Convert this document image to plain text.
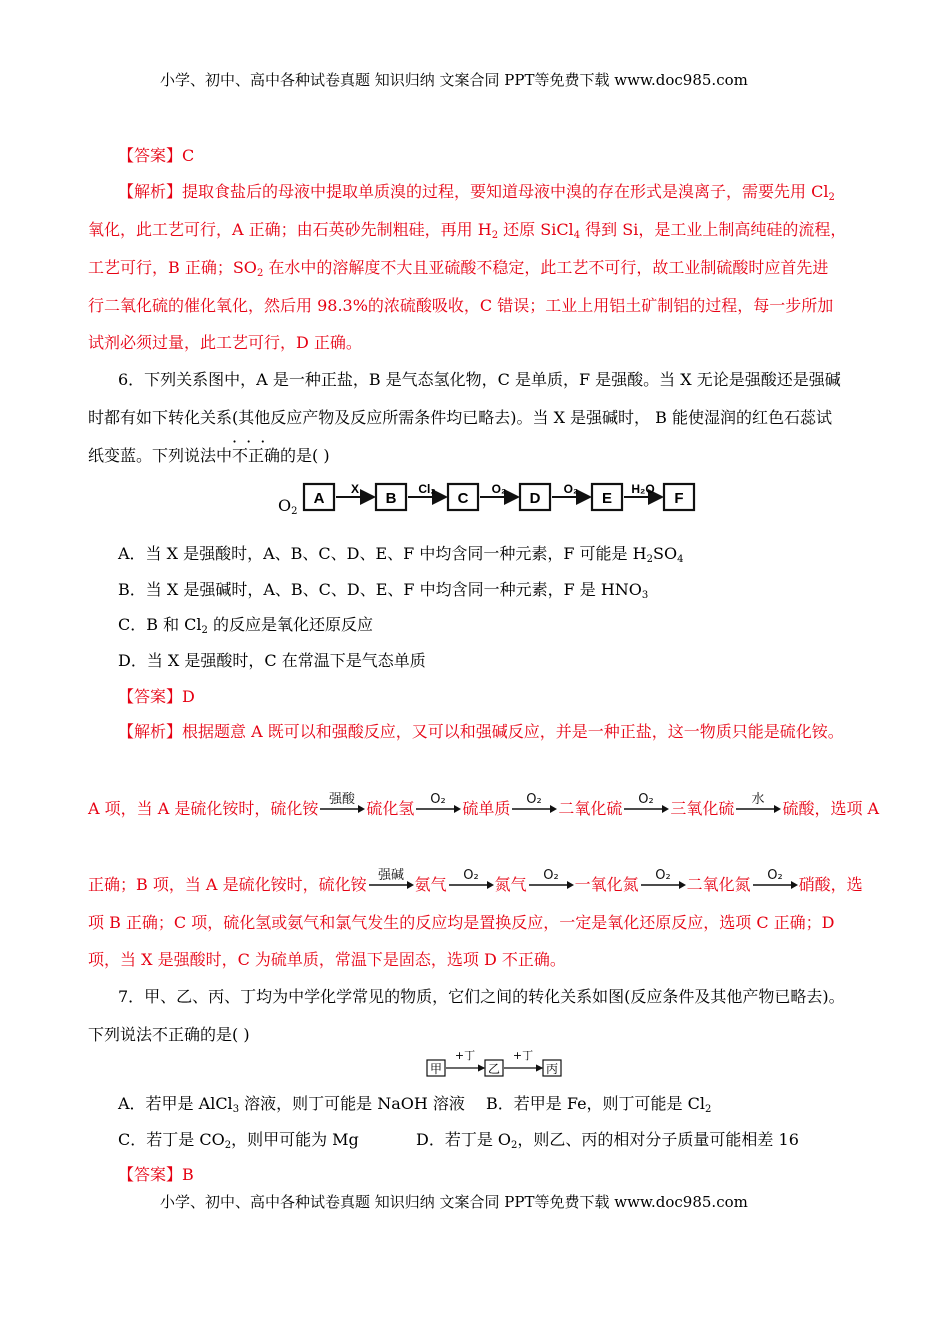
小学、初中、高中各种试卷真题 知识归纳 文案合同 PPT等免费下载 www.doc985.com
【答案】C
【解析】提取食盐后的母液中提取单质溴的过程，要知道母液中溴的存在形式是溴离子，需要先用 $Cl_2$
氧化，此工艺可行，A 正确；由石英砂先制粗硅，再用 $H_2$ 还原 SiCl$_4$ 得到 Si，是工业上制高纯硅的流程，
工艺可行，B 正确；$SO_2$ 在水中的溶解度不大且亚硫酸不稳定，此工艺不可行，故工业制硫酸时应首先进
行二氧化硫的催化氧化，然后用 98.3%的浓硫酸吸收，C 错误；工业上用铝土矿制铝的过程，每一步所加
试剂必须过量，此工艺可行，D 正确。
6．下列关系图中，A 是一种正盐，B 是气态氢化物，C 是单质，F 是强酸。当 X 无论是强酸还是强碱
时都有如下转化关系(其他反应产物及反应所需条件均已略去)。当 X 是强碱时， B 能使湿润的红色石蕊试
纸变蓝。下列说法中
···
不正确的是( )
$O_2$
A
X
B
Cl₂
C
O₂
D
O₂
E
H₂O
F
A．当 X 是强酸时，A、B、C、D、E、F 中均含同一种元素，F 可能是 $H_2SO_4$
B．当 X 是强碱时，A、B、C、D、E、F 中均含同一种元素，F 是 $HNO_3$
C．B 和 $Cl_2$ 的反应是氧化还原反应
D．当 X 是强酸时，C 在常温下是气态单质
【答案】D
【解析】根据题意 A 既可以和强酸反应，又可以和强碱反应，并是一种正盐，这一物质只能是硫化铵。
A 项，当 A 是硫化铵时，硫化铵 强酸 硫化氢 O₂ 硫单质 O₂ 二氧化硫 O₂ 三氧化硫 水 硫酸，选项 A
正确；B 项，当 A 是硫化铵时，硫化铵 强碱 氨气 O₂ 氮气 O₂ 一氧化氮 O₂ 二氧化氮 O₂ 硝酸，选
项 B 正确；C 项，硫化氢或氨气和氯气发生的反应均是置换反应，一定是氧化还原反应，选项 C 正确；D
项，当 X 是强酸时，C 为硫单质，常温下是固态，选项 D 不正确。
7．甲、乙、丙、丁均为中学化学常见的物质，它们之间的转化关系如图(反应条件及其他产物已略去)。
下列说法不正确的是( )
甲
+丁
乙
+丁
丙
A．若甲是 AlCl$_3$ 溶液，则丁可能是 NaOH 溶液 B．若甲是 Fe，则丁可能是 $Cl_2$
C．若丁是 $CO_2$，则甲可能为 Mg	D．若丁是 $O_2$，则乙、丙的相对分子质量可能相差 16
【答案】B
小学、初中、高中各种试卷真题 知识归纳 文案合同 PPT等免费下载 www.doc985.com
